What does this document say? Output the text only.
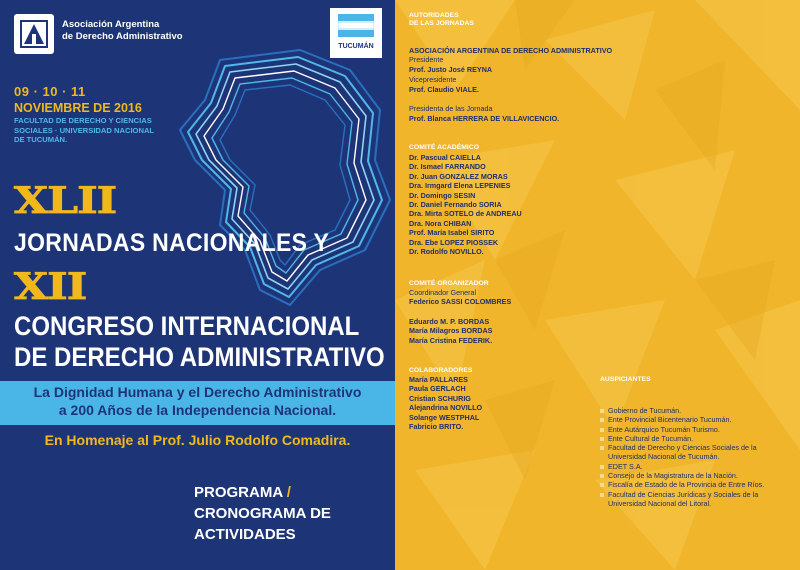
Asociación Argentina
de Derecho Administrativo
TUCUMÁN
09 · 10 · 11
NOVIEMBRE DE 2016
FACULTAD DE DERECHO Y CIENCIAS
SOCIALES · UNIVERSIDAD NACIONAL
DE TUCUMÁN.
XLII
JORNADAS NACIONALES Y
XII
CONGRESO INTERNACIONAL
DE DERECHO ADMINISTRATIVO
La Dignidad Humana y el Derecho Administrativo
a 200 Años de la Independencia Nacional.
En Homenaje al Prof. Julio Rodolfo Comadira.
PROGRAMA /
CRONOGRAMA DE
ACTIVIDADES
AUTORIDADES
DE LAS JORNADAS
ASOCIACIÓN ARGENTINA DE DERECHO ADMINISTRATIVO
Presidente
Prof. Justo José REYNA
Vicepresidente
Prof. Claudio VIALE.
Presidenta de las Jornada
Prof. Blanca HERRERA DE VILLAVICENCIO.
COMITÉ ACADÉMICO
Dr. Pascual CAIELLA
Dr. Ismael FARRANDO
Dr. Juan GONZALEZ MORAS
Dra. Irmgard Elena LEPENIES
Dr. Domingo SESIN
Dr. Daniel Fernando SORIA
Dra. Mirta SOTELO de ANDREAU
Dra. Nora CHIBAN
Prof. María Isabel SIRITO
Dra. Ebe LOPEZ PIOSSEK
Dr. Rodolfo NOVILLO.
COMITÉ ORGANIZADOR
Coordinador General
Federico SASSI COLOMBRES
Eduardo M. P. BORDAS
María Milagros BORDAS
María Cristina FEDERIK.
COLABORADORES
María PALLARES
Paula GERLACH
Cristian SCHURIG
Alejandrina NOVILLO
Solange WESTPHAL
Fabricio BRITO.
AUSPICIANTES
Gobierno de Tucumán.
Ente Provincial Bicentenario Tucumán.
Ente Autárquico Tucumán Turismo.
Ente Cultural de Tucumán.
Facultad de Derecho y Ciencias Sociales de la Universidad Nacional de Tucumán.
EDET S.A.
Consejo de la Magistratura de la Nación.
Fiscalía de Estado de la Provincia de Entre Ríos.
Facultad de Ciencias Jurídicas y Sociales de la Universidad Nacional del Litoral.
